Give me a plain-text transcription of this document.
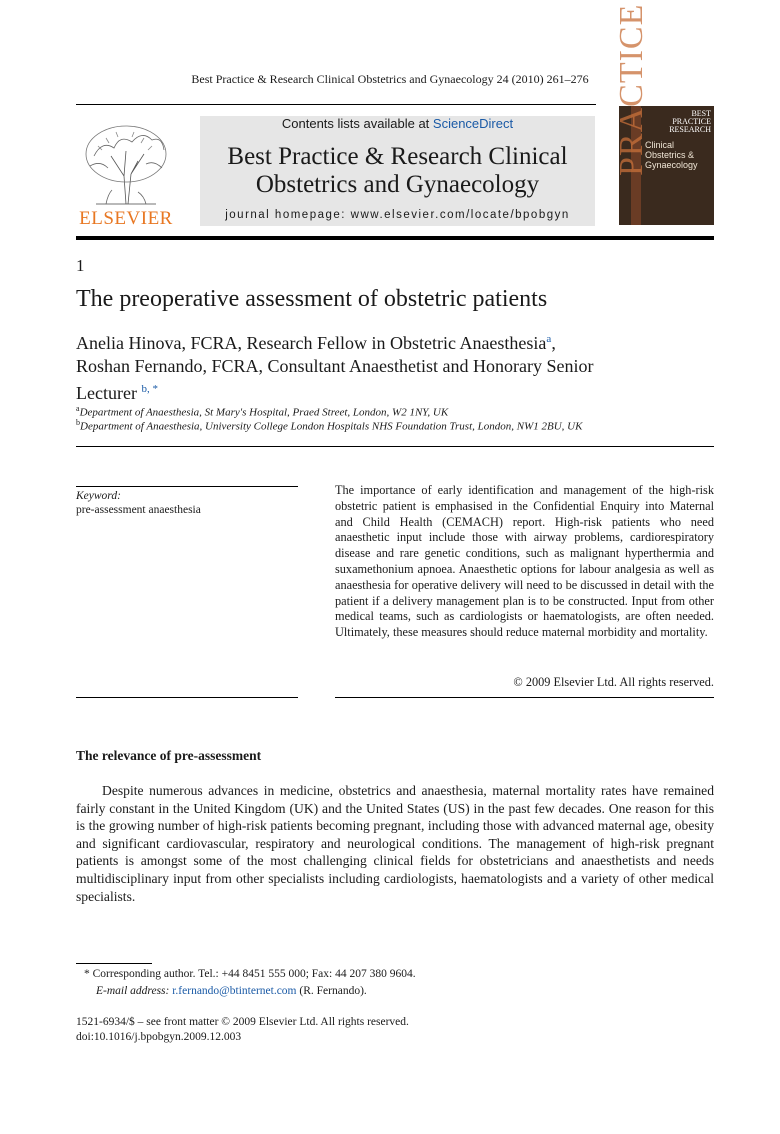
Best Practice & Research Clinical Obstetrics and Gynaecology 24 (2010) 261–276
ELSEVIER
Contents lists available at ScienceDirect
Best Practice & Research Clinical
Obstetrics and Gynaecology
journal homepage: www.elsevier.com/locate/bpobgyn
PRACTICE	BEST
PRACTICE
RESEARCH
Clinical
Obstetrics &
Gynaecology
1
The preoperative assessment of obstetric patients
Anelia Hinova, FCRA, Research Fellow in Obstetric Anaesthesia$^a$,
Roshan Fernando, FCRA, Consultant Anaesthetist and Honorary Senior
Lecturer $^{b, *}$
$^a$Department of Anaesthesia, St Mary's Hospital, Praed Street, London, W2 1NY, UK
$^b$Department of Anaesthesia, University College London Hospitals NHS Foundation Trust, London, NW1 2BU, UK
Keyword:
pre-assessment anaesthesia
The importance of early identification and management of the high-risk obstetric patient is emphasised in the Confidential Enquiry into Maternal and Child Health (CEMACH) report. High-risk patients who need anaesthetic input include those with airway problems, cardiorespiratory disease and rare genetic conditions, such as malignant hyperthermia and suxamethonium apnoea. Anaesthetic options for labour analgesia as well as anaesthesia for operative delivery will need to be discussed in detail with the patient if a delivery management plan is to be constructed. Input from other medical teams, such as cardiologists or haematologists, are often needed. Ultimately, these measures should reduce maternal morbidity and mortality.
© 2009 Elsevier Ltd. All rights reserved.
The relevance of pre-assessment
Despite numerous advances in medicine, obstetrics and anaesthesia, maternal mortality rates have remained fairly constant in the United Kingdom (UK) and the United States (US) in the past few decades. One reason for this is the growing number of high-risk patients becoming pregnant, including those with advanced maternal age, obesity and significant cardiovascular, respiratory and neurological conditions. The management of high-risk pregnant patients is amongst some of the most challenging clinical fields for obstetricians and anaesthetists and needs multidisciplinary input from other specialists including cardiologists, haematologists and a variety of other medical specialists.
* Corresponding author. Tel.: +44 8451 555 000; Fax: 44 207 380 9604.
E-mail address: r.fernando@btinternet.com (R. Fernando).
1521-6934/$ – see front matter © 2009 Elsevier Ltd. All rights reserved.
doi:10.1016/j.bpobgyn.2009.12.003
